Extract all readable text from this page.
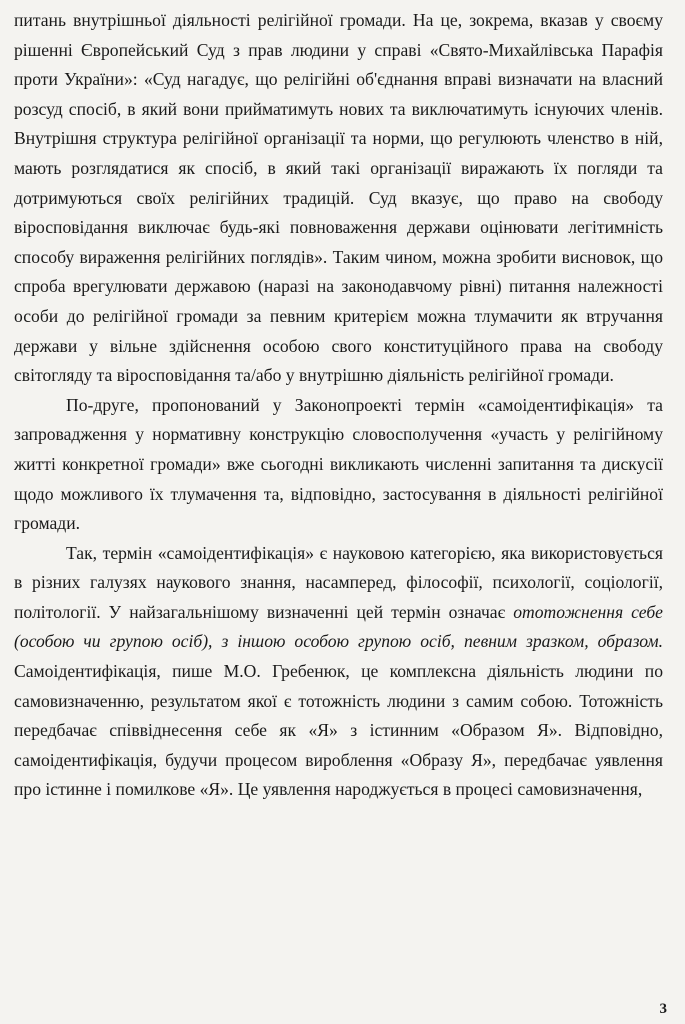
питань внутрішньої діяльності релігійної громади. На це, зокрема, вказав у своєму рішенні Європейський Суд з прав людини у справі «Свято-Михайлівська Парафія проти України»: «Суд нагадує, що релігійні об'єднання вправі визначати на власний розсуд спосіб, в який вони прийматимуть нових та виключатимуть існуючих членів. Внутрішня структура релігійної організації та норми, що регулюють членство в ній, мають розглядатися як спосіб, в який такі організації виражають їх погляди та дотримуються своїх релігійних традицій. Суд вказує, що право на свободу віросповідання виключає будь-які повноваження держави оцінювати легітимність способу вираження релігійних поглядів». Таким чином, можна зробити висновок, що спроба врегулювати державою (наразі на законодавчому рівні) питання належності особи до релігійної громади за певним критерієм можна тлумачити як втручання держави у вільне здійснення особою свого конституційного права на свободу світогляду та віросповідання та/або у внутрішню діяльність релігійної громади.

По-друге, пропонований у Законопроекті термін «самоідентифікація» та запровадження у нормативну конструкцію словосполучення «участь у релігійному житті конкретної громади» вже сьогодні викликають численні запитання та дискусії щодо можливого їх тлумачення та, відповідно, застосування в діяльності релігійної громади.

Так, термін «самоідентифікація» є науковою категорією, яка використовується в різних галузях наукового знання, насамперед, філософії, психології, соціології, політології. У найзагальнішому визначенні цей термін означає ототожнення себе (особою чи групою осіб), з іншою особою групою осіб, певним зразком, образом. Самоідентифікація, пише М.О. Гребенюк, це комплексна діяльність людини по самовизначенню, результатом якої є тотожність людини з самим собою. Тотожність передбачає співвіднесення себе як «Я» з істинним «Образом Я». Відповідно, самоідентифікація, будучи процесом вироблення «Образу Я», передбачає уявлення про істинне і помилкове «Я». Це уявлення народжується в процесі самовизначення,

3
